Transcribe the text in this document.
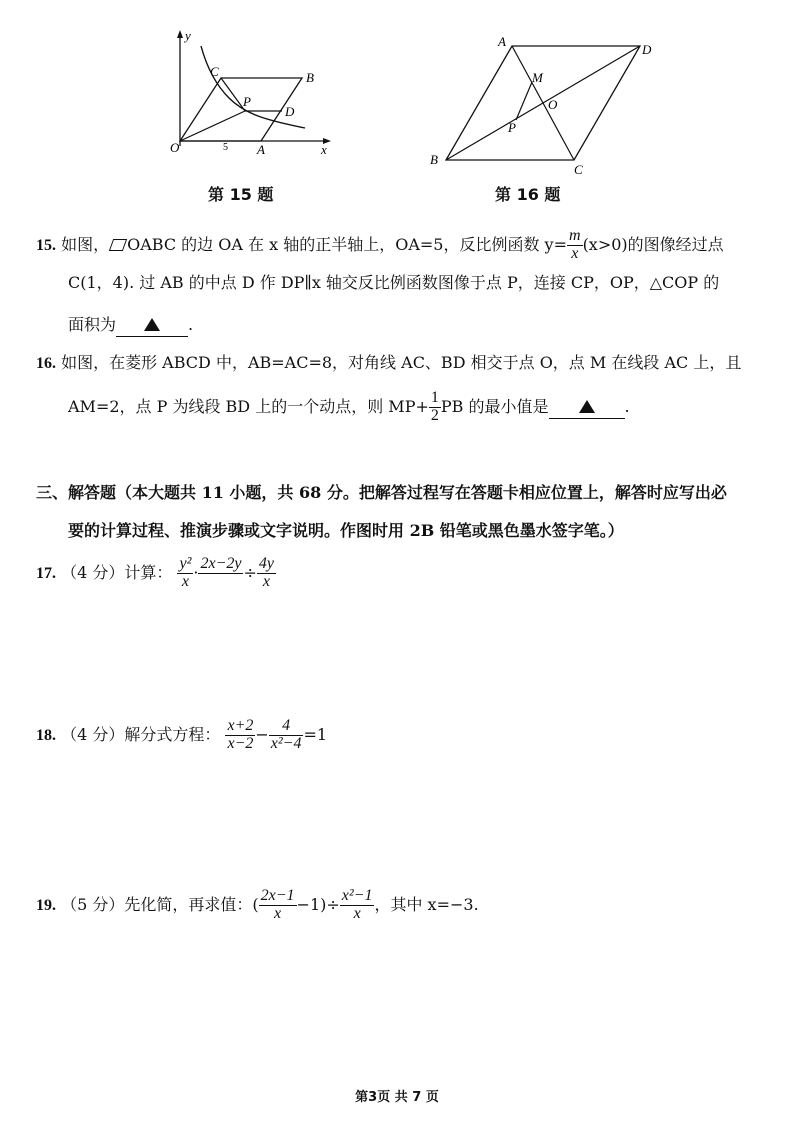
y
C	B
P
D
O	5 A	x
第 15 题
A
D
M
O
P
B
C
第 16 题
15. 如图， OABC 的边 OA 在 x 轴的正半轴上，OA=5，反比例函数 $y= \frac{m}{x} (x>0)$的图像经过点
C(1，4). 过 AB 的中点 D 作 DP∥x 轴交反比例函数图像于点 P，连接 CP，OP，△COP 的
面积为	.
16. 如图，在菱形 ABCD 中，AB=AC=8，对角线 AC、BD 相交于点 O，点 M 在线段 AC 上，且
AM=2，点 P 为线段 BD 上的一个动点，则 $MP+ \frac{1}{2}$ PB 的最小值是	.
三、解答题（本大题共 11 小题，共 68 分。把解答过程写在答题卡相应位置上，解答时应写出必
要的计算过程、推演步骤或文字说明。作图时用 2B 铅笔或黑色墨水签字笔。）
17. （4 分）计算： $\frac{\text{y²}}{x} \cdot 2x-2y$
÷ $\frac{4y}{x}$
18. （4 分）解分式方程： $\frac{x+2}{x-2} - \frac{4}{\text{x²−4}} =1$
19. （5 分）先化简，再求值：( $\frac{2x-1}{x} -1)\div \frac{\text{x²−1}}{x}$ ，其中 x=−3.
第3页 共 7 页
